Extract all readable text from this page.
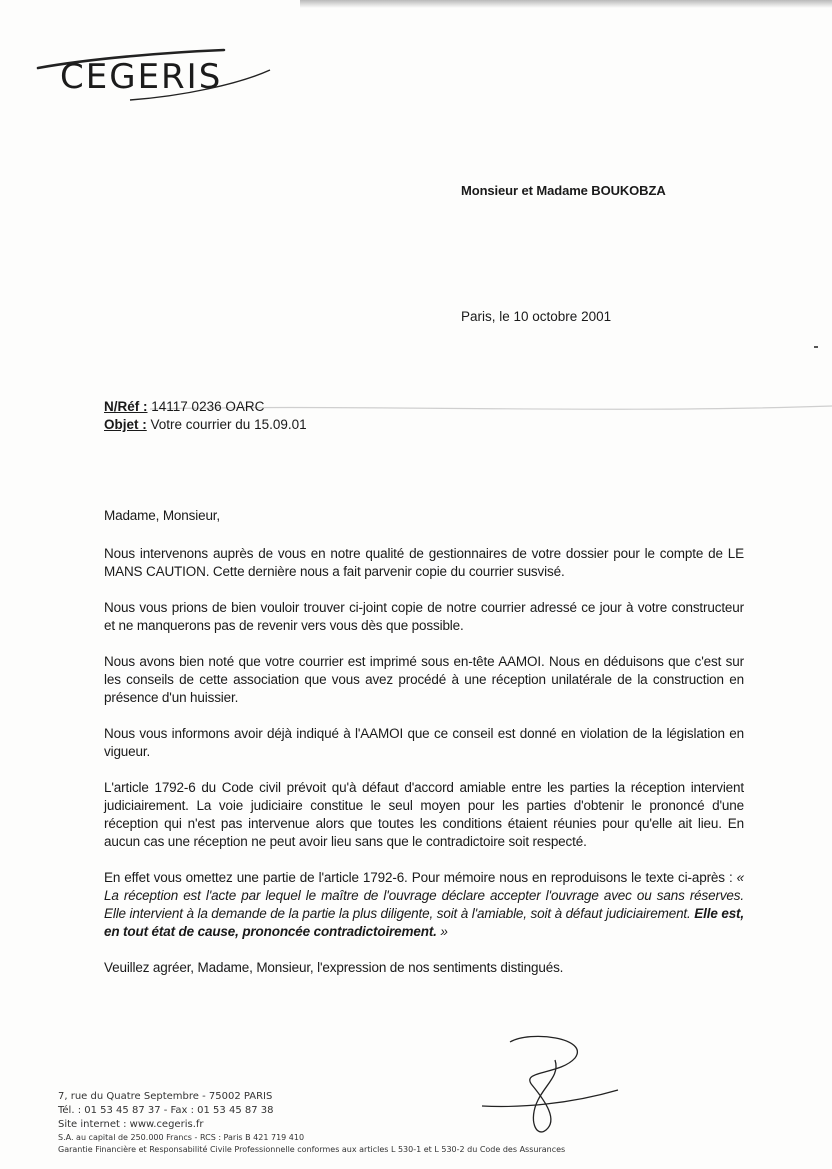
CEGERIS
Monsieur et Madame BOUKOBZA
Paris, le 10 octobre 2001
N/Réf : 14117 0236 OARC
Objet : Votre courrier du 15.09.01

Madame, Monsieur,

Nous intervenons auprès de vous en notre qualité de gestionnaires de votre dossier pour le compte de LE MANS CAUTION. Cette dernière nous a fait parvenir copie du courrier susvisé.

Nous vous prions de bien vouloir trouver ci-joint copie de notre courrier adressé ce jour à votre constructeur et ne manquerons pas de revenir vers vous dès que possible.

Nous avons bien noté que votre courrier est imprimé sous en-tête AAMOI. Nous en déduisons que c'est sur les conseils de cette association que vous avez procédé à une réception unilatérale de la construction en présence d'un huissier.

Nous vous informons avoir déjà indiqué à l'AAMOI que ce conseil est donné en violation de la législation en vigueur.

L'article 1792-6 du Code civil prévoit qu'à défaut d'accord amiable entre les parties la réception intervient judiciairement. La voie judiciaire constitue le seul moyen pour les parties d'obtenir le prononcé d'une réception qui n'est pas intervenue alors que toutes les conditions étaient réunies pour qu'elle ait lieu. En aucun cas une réception ne peut avoir lieu sans que le contradictoire soit respecté.

En effet vous omettez une partie de l'article 1792-6. Pour mémoire nous en reproduisons le texte ci-après : « La réception est l'acte par lequel le maître de l'ouvrage déclare accepter l'ouvrage avec ou sans réserves. Elle intervient à la demande de la partie la plus diligente, soit à l'amiable, soit à défaut judiciairement. Elle est, en tout état de cause, prononcée contradictoirement. »

Veuillez agréer, Madame, Monsieur, l'expression de nos sentiments distingués.

7, rue du Quatre Septembre - 75002 PARIS
Tél. : 01 53 45 87 37 - Fax : 01 53 45 87 38
Site internet : www.cegeris.fr
S.A. au capital de 250.000 Francs - RCS : Paris B 421 719 410
Garantie Financière et Responsabilité Civile Professionnelle conformes aux articles L 530-1 et L 530-2 du Code des Assurances
